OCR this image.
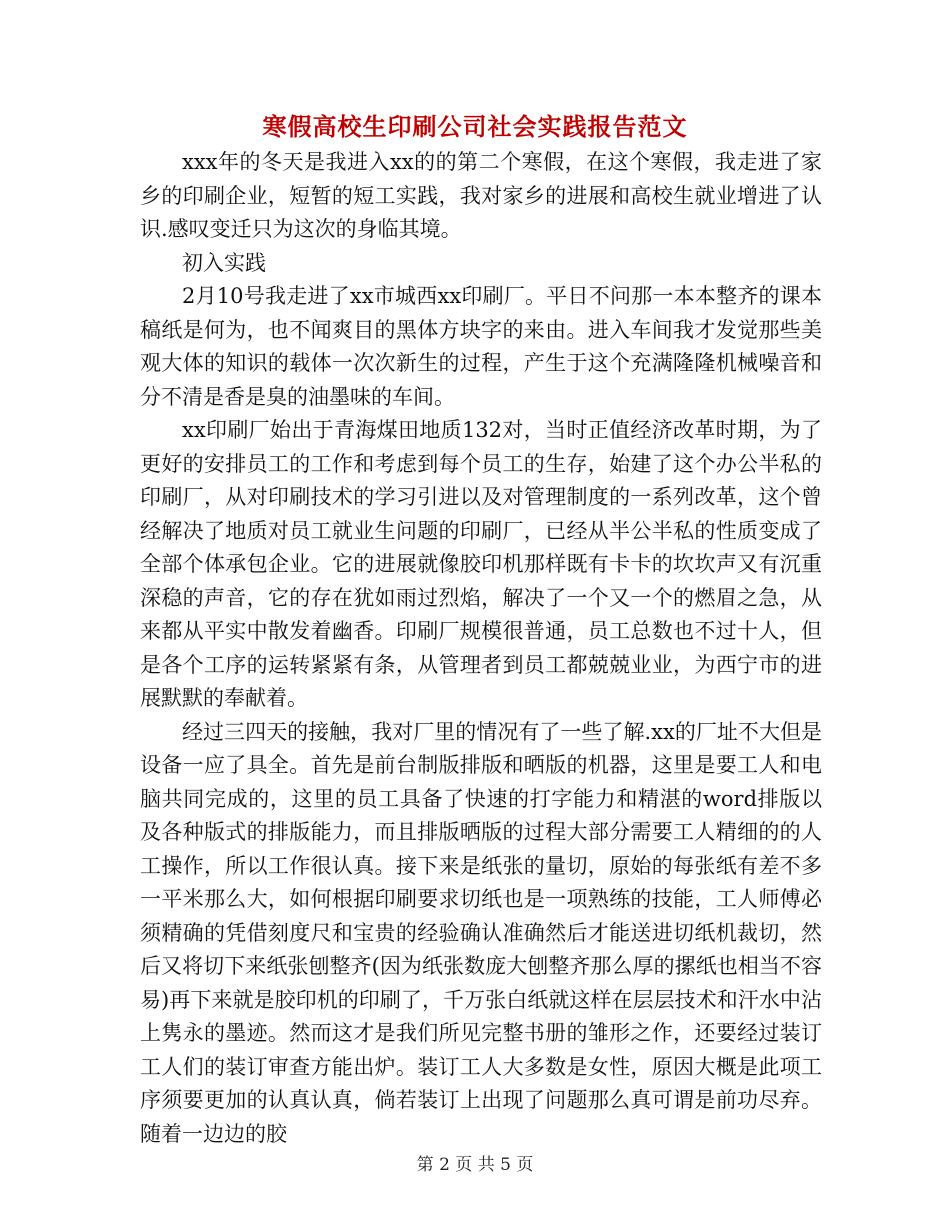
寒假高校生印刷公司社会实践报告范文

xxx年的冬天是我进入xx的的第二个寒假，在这个寒假，我走进了家乡的印刷企业，短暂的短工实践，我对家乡的进展和高校生就业增进了认识.感叹变迁只为这次的身临其境。

初入实践

2月10号我走进了xx市城西xx印刷厂。平日不问那一本本整齐的课本稿纸是何为，也不闻爽目的黑体方块字的来由。进入车间我才发觉那些美观大体的知识的载体一次次新生的过程，产生于这个充满隆隆机械噪音和分不清是香是臭的油墨味的车间。

xx印刷厂始出于青海煤田地质132对，当时正值经济改革时期，为了更好的安排员工的工作和考虑到每个员工的生存，始建了这个办公半私的印刷厂，从对印刷技术的学习引进以及对管理制度的一系列改革，这个曾经解决了地质对员工就业生问题的印刷厂，已经从半公半私的性质变成了全部个体承包企业。它的进展就像胶印机那样既有卡卡的坎坎声又有沉重深稳的声音，它的存在犹如雨过烈焰，解决了一个又一个的燃眉之急，从来都从平实中散发着幽香。印刷厂规模很普通，员工总数也不过十人，但是各个工序的运转紧紧有条，从管理者到员工都兢兢业业，为西宁市的进展默默的奉献着。

经过三四天的接触，我对厂里的情况有了一些了解.xx的厂址不大但是设备一应了具全。首先是前台制版排版和晒版的机器，这里是要工人和电脑共同完成的，这里的员工具备了快速的打字能力和精湛的word排版以及各种版式的排版能力，而且排版晒版的过程大部分需要工人精细的的人工操作，所以工作很认真。接下来是纸张的量切，原始的每张纸有差不多一平米那么大，如何根据印刷要求切纸也是一项熟练的技能，工人师傅必须精确的凭借刻度尺和宝贵的经验确认准确然后才能送进切纸机裁切，然后又将切下来纸张刨整齐(因为纸张数庞大刨整齐那么厚的摞纸也相当不容易)再下来就是胶印机的印刷了，千万张白纸就这样在层层技术和汗水中沾上隽永的墨迹。然而这才是我们所见完整书册的雏形之作，还要经过装订工人们的装订审查方能出炉。装订工人大多数是女性，原因大概是此项工序须要更加的认真认真，倘若装订上出现了问题那么真可谓是前功尽弃。随着一边边的胶

第 2 页 共 5 页
